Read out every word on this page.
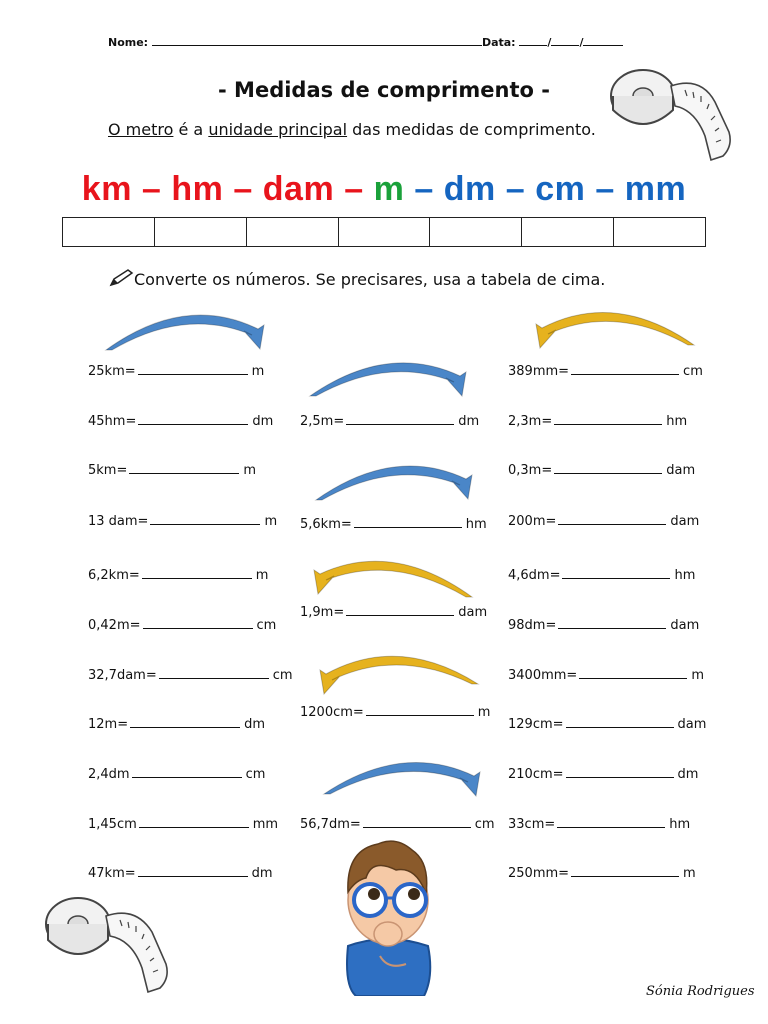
Nome:	Data:	/	/
- Medidas de comprimento -
O metro é a unidade principal das medidas de comprimento.
km – hm – dam – m – dm – cm – mm

Converte os números. Se precisares, usa a tabela de cima.
25km=	m
45hm=	dm
5km=	m
13 dam=	m
6,2km=	m
0,42m=	cm
32,7dam=	cm
12m=	dm
2,4dm	cm
1,45cm	mm
47km=	dm
2,5m=	dm
5,6km=	hm
1,9m=	dam
1200cm=	m
56,7dm=	cm
389mm=	cm
2,3m=	hm
0,3m=	dam
200m=	dam
4,6dm=	hm
98dm=	dam
3400mm=	m
129cm=	dam
210cm=	dm
33cm=	hm
250mm=	m
Sónia Rodrigues
